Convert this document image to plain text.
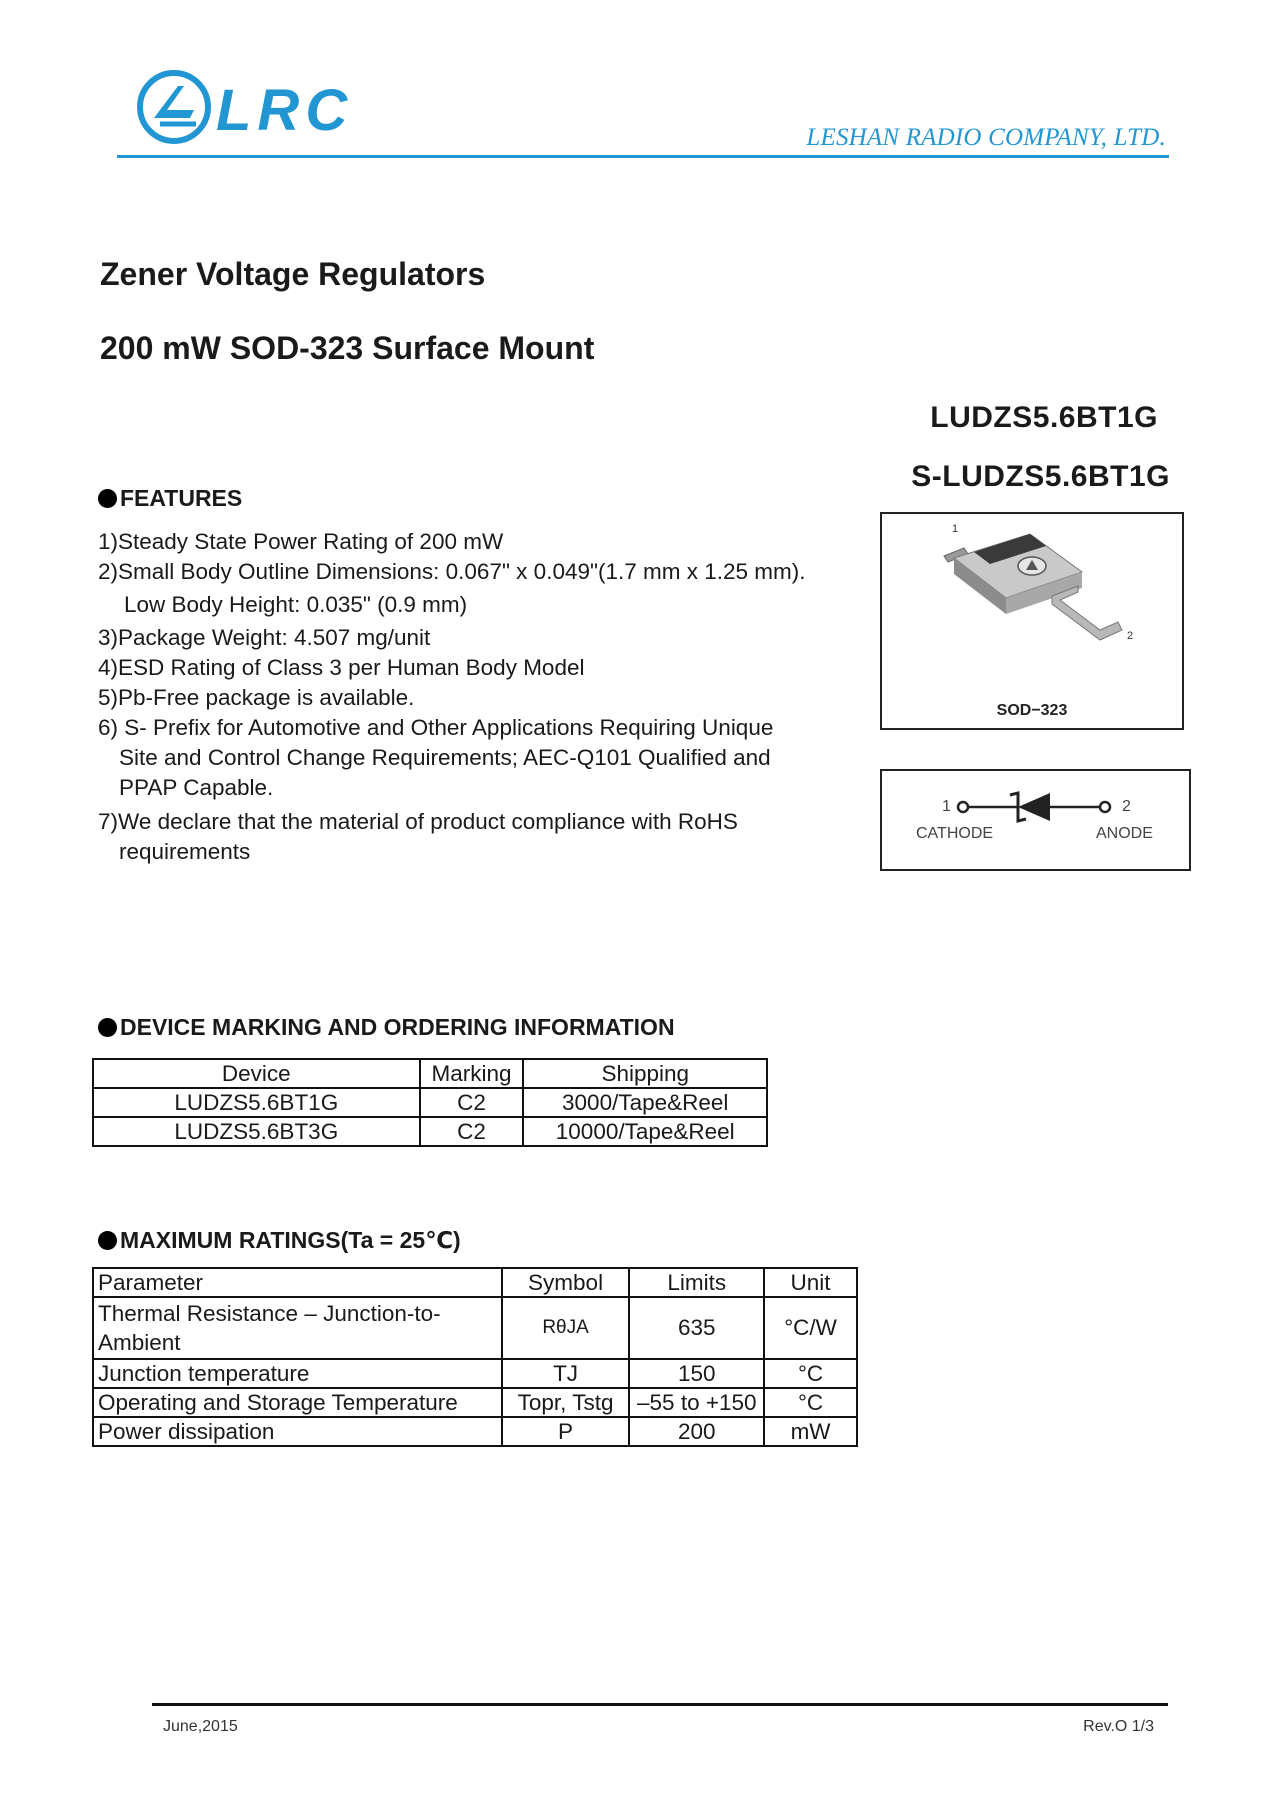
LRC	LESHAN RADIO COMPANY, LTD.
Zener Voltage Regulators
200 mW SOD-323 Surface Mount
LUDZS5.6BT1G
S-LUDZS5.6BT1G
FEATURES
1)Steady State Power Rating of 200 mW
2)Small Body Outline Dimensions: 0.067" x 0.049"(1.7 mm x 1.25 mm).
Low Body Height: 0.035" (0.9 mm)
3)Package Weight: 4.507 mg/unit
4)ESD Rating of Class 3 per Human Body Model
5)Pb-Free package is available.
6) S- Prefix for Automotive and Other Applications Requiring Unique
Site and Control Change Requirements; AEC-Q101 Qualified and
PPAP Capable.
7)We declare that the material of product compliance with RoHS
requirements
1
2
SOD−323
1	2
CATHODE	ANODE
DEVICE MARKING AND ORDERING INFORMATION
Device	Marking	Shipping
LUDZS5.6BT1G	C2	3000/Tape&Reel
LUDZS5.6BT3G	C2	10000/Tape&Reel
MAXIMUM RATINGS(Ta = 25℃)
Parameter	Symbol	Limits	Unit
Thermal Resistance – Junction-to-Ambient	RθJA	635	°C/W
Junction temperature	TJ	150	°C
Operating and Storage Temperature	Topr, Tstg	–55 to +150	°C
Power dissipation	P	200	mW
June,2015	Rev.O 1/3
